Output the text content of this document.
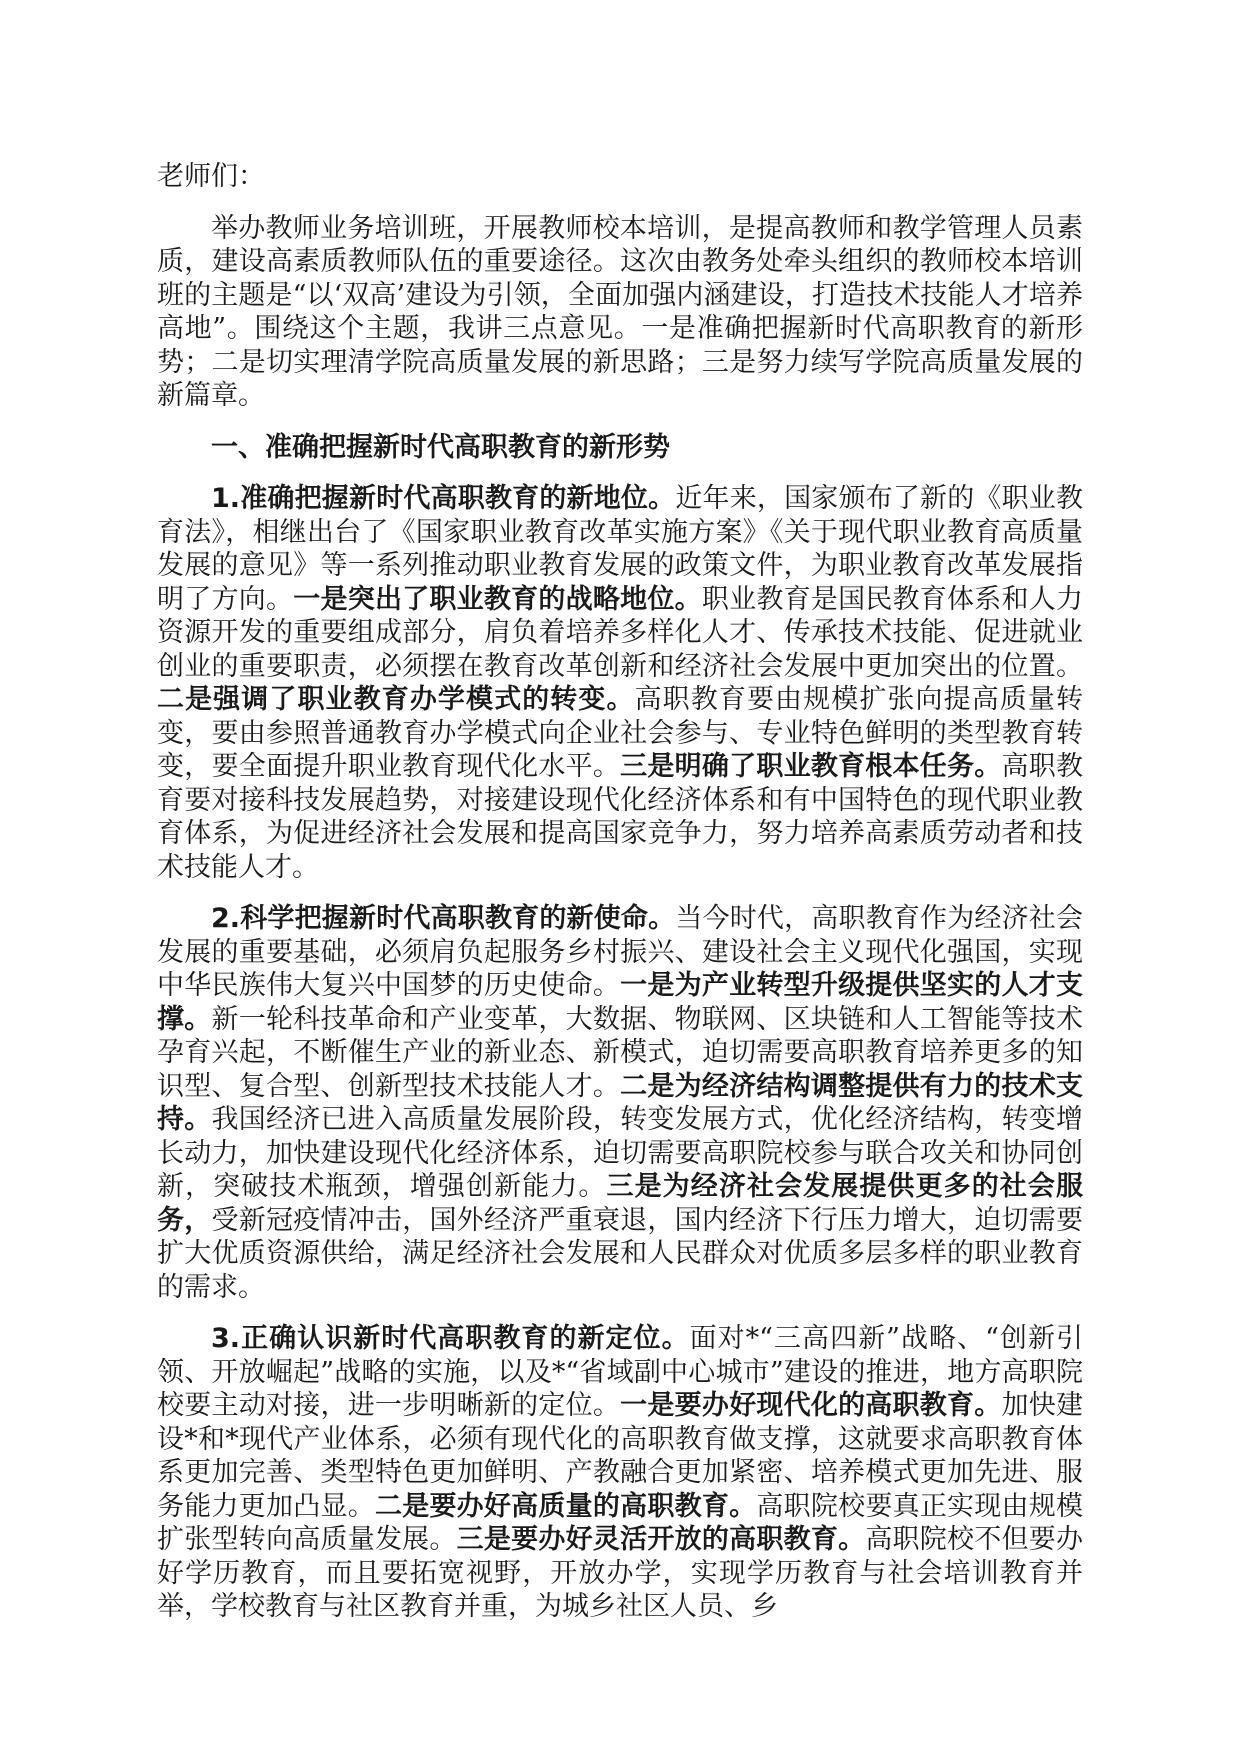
老师们：

举办教师业务培训班，开展教师校本培训，是提高教师和教学管理人员素质，建设高素质教师队伍的重要途径。这次由教务处牵头组织的教师校本培训班的主题是“以‘双高’建设为引领，全面加强内涵建设，打造技术技能人才培养高地”。围绕这个主题，我讲三点意见。一是准确把握新时代高职教育的新形势；二是切实理清学院高质量发展的新思路；三是努力续写学院高质量发展的新篇章。

一、准确把握新时代高职教育的新形势

1.准确把握新时代高职教育的新地位。近年来，国家颁布了新的《职业教育法》，相继出台了《国家职业教育改革实施方案》《关于现代职业教育高质量发展的意见》等一系列推动职业教育发展的政策文件，为职业教育改革发展指明了方向。一是突出了职业教育的战略地位。职业教育是国民教育体系和人力资源开发的重要组成部分，肩负着培养多样化人才、传承技术技能、促进就业创业的重要职责，必须摆在教育改革创新和经济社会发展中更加突出的位置。二是强调了职业教育办学模式的转变。高职教育要由规模扩张向提高质量转变，要由参照普通教育办学模式向企业社会参与、专业特色鲜明的类型教育转变，要全面提升职业教育现代化水平。三是明确了职业教育根本任务。高职教育要对接科技发展趋势，对接建设现代化经济体系和有中国特色的现代职业教育体系，为促进经济社会发展和提高国家竞争力，努力培养高素质劳动者和技术技能人才。

2.科学把握新时代高职教育的新使命。当今时代，高职教育作为经济社会发展的重要基础，必须肩负起服务乡村振兴、建设社会主义现代化强国，实现中华民族伟大复兴中国梦的历史使命。一是为产业转型升级提供坚实的人才支撑。新一轮科技革命和产业变革，大数据、物联网、区块链和人工智能等技术孕育兴起，不断催生产业的新业态、新模式，迫切需要高职教育培养更多的知识型、复合型、创新型技术技能人才。二是为经济结构调整提供有力的技术支持。我国经济已进入高质量发展阶段，转变发展方式，优化经济结构，转变增长动力，加快建设现代化经济体系，迫切需要高职院校参与联合攻关和协同创新，突破技术瓶颈，增强创新能力。三是为经济社会发展提供更多的社会服务，受新冠疫情冲击，国外经济严重衰退，国内经济下行压力增大，迫切需要扩大优质资源供给，满足经济社会发展和人民群众对优质多层多样的职业教育的需求。

3.正确认识新时代高职教育的新定位。面对*“三高四新”战略、“创新引领、开放崛起”战略的实施，以及*“省域副中心城市”建设的推进，地方高职院校要主动对接，进一步明晰新的定位。一是要办好现代化的高职教育。加快建设*和*现代产业体系，必须有现代化的高职教育做支撑，这就要求高职教育体系更加完善、类型特色更加鲜明、产教融合更加紧密、培养模式更加先进、服务能力更加凸显。二是要办好高质量的高职教育。高职院校要真正实现由规模扩张型转向高质量发展。三是要办好灵活开放的高职教育。高职院校不但要办好学历教育，而且要拓宽视野，开放办学，实现学历教育与社会培训教育并举，学校教育与社区教育并重，为城乡社区人员、乡
